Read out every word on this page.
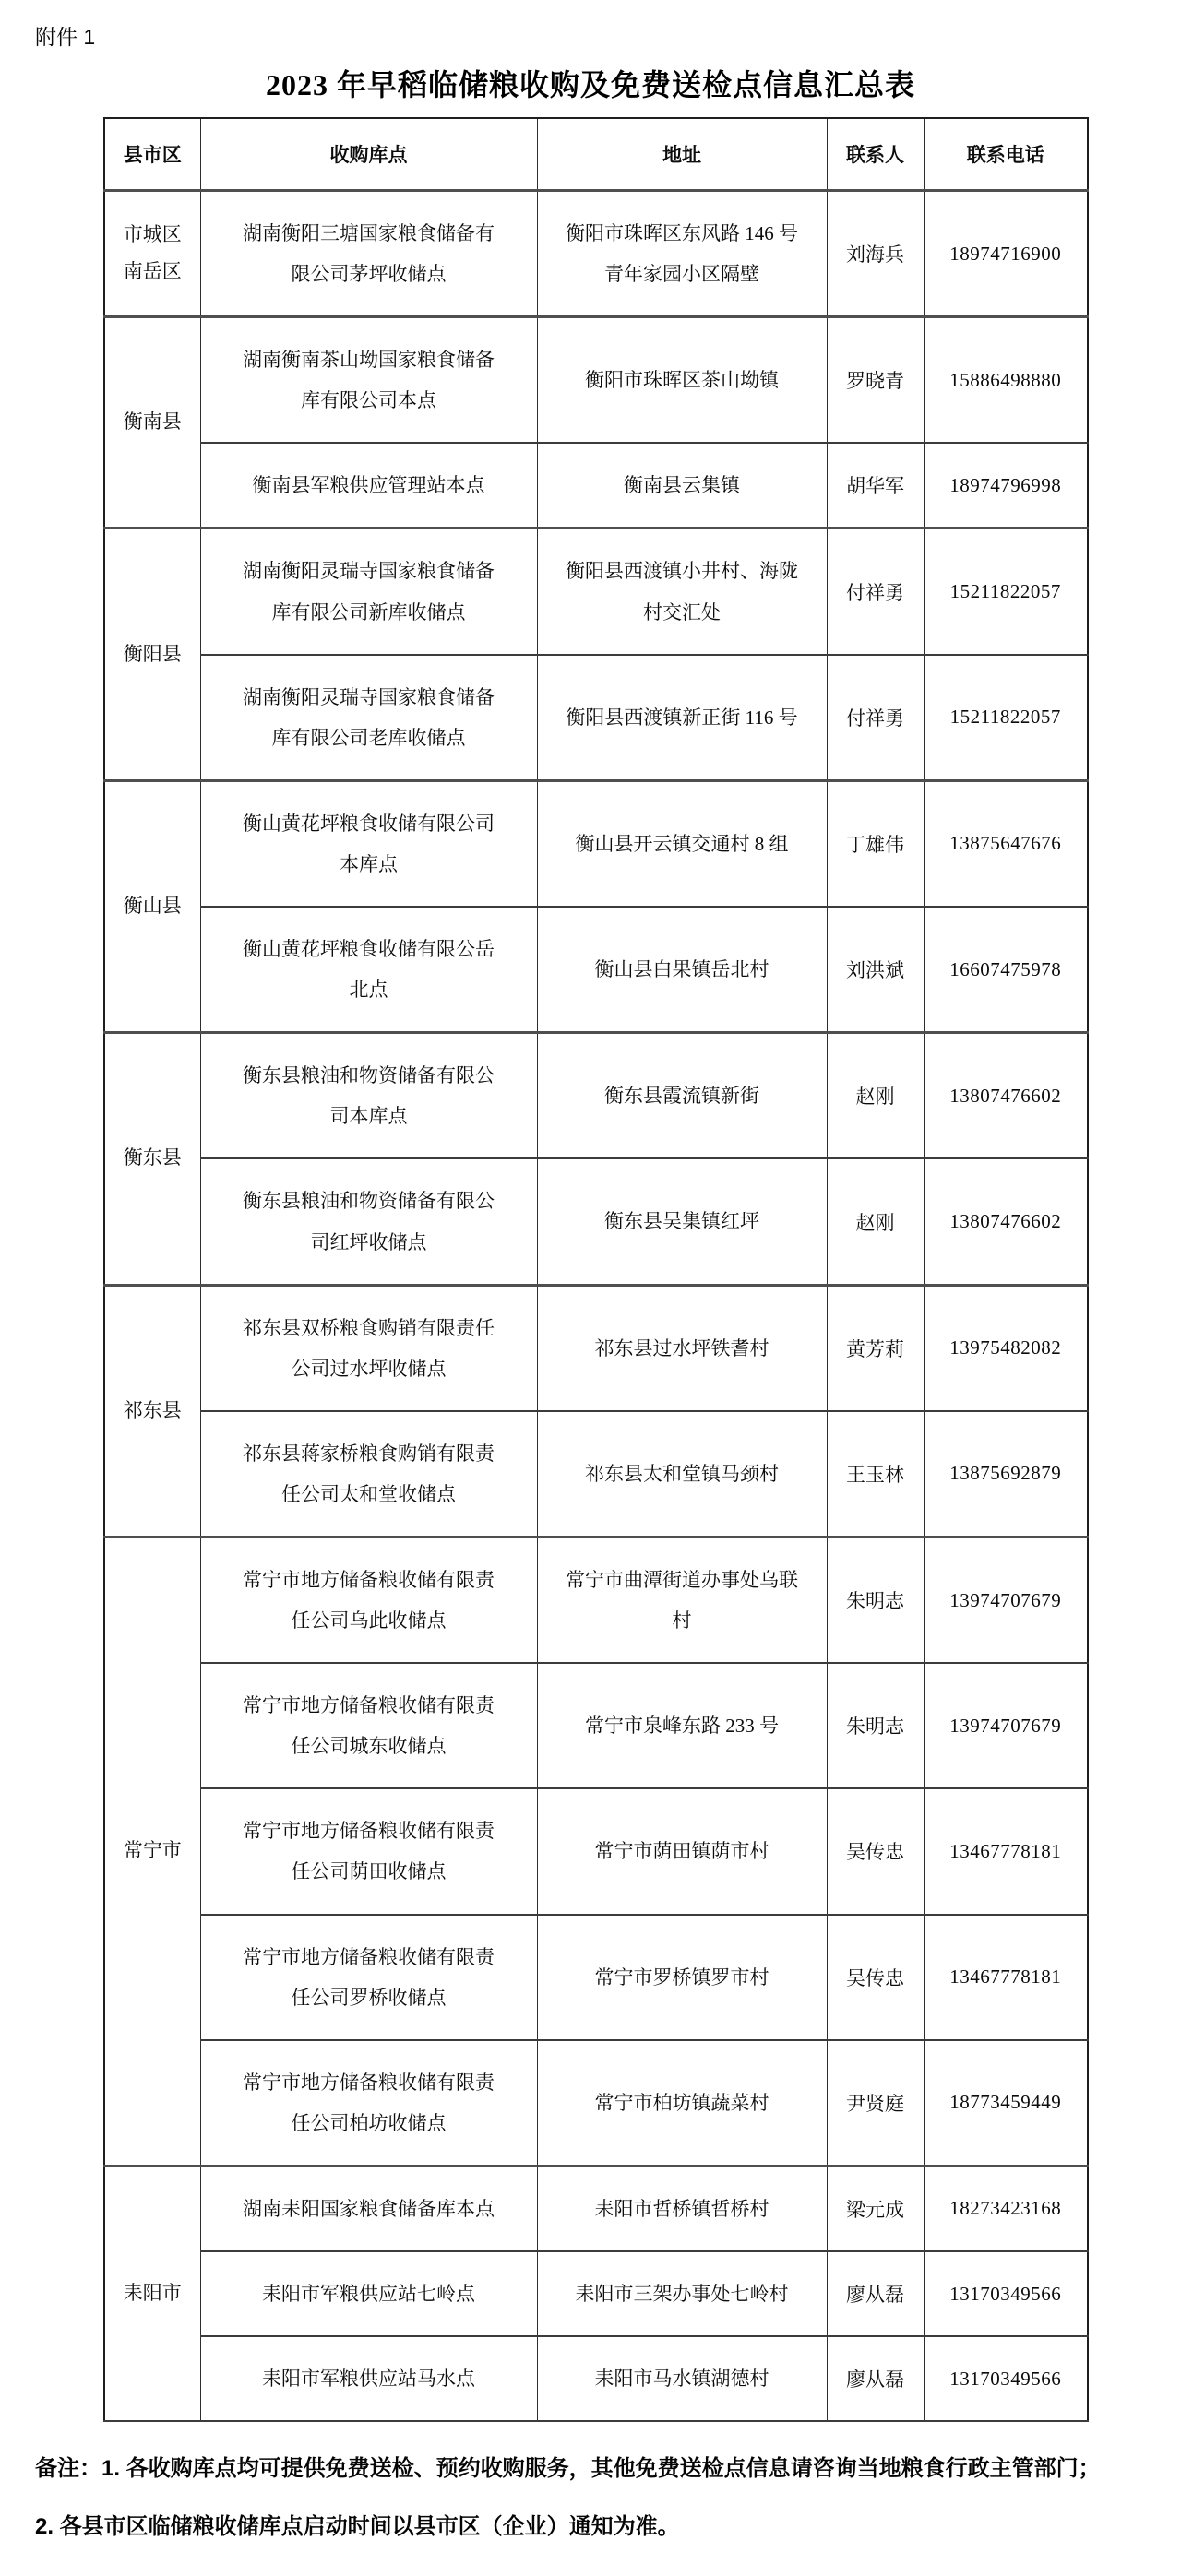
附件 1
2023 年早稻临储粮收购及免费送检点信息汇总表
县市区	收购库点	地址	联系人	联系电话
市城区南岳区	湖南衡阳三塘国家粮食储备有限公司茅坪收储点	衡阳市珠晖区东风路 146 号青年家园小区隔壁	刘海兵	18974716900
衡南县	湖南衡南茶山坳国家粮食储备库有限公司本点	衡阳市珠晖区茶山坳镇	罗晓青	15886498880
	衡南县军粮供应管理站本点	衡南县云集镇	胡华军	18974796998
衡阳县	湖南衡阳灵瑞寺国家粮食储备库有限公司新库收储点	衡阳县西渡镇小井村、海陇村交汇处	付祥勇	15211822057
	湖南衡阳灵瑞寺国家粮食储备库有限公司老库收储点	衡阳县西渡镇新正街 116 号	付祥勇	15211822057
衡山县	衡山黄花坪粮食收储有限公司本库点	衡山县开云镇交通村 8 组	丁雄伟	13875647676
	衡山黄花坪粮食收储有限公岳北点	衡山县白果镇岳北村	刘洪斌	16607475978
衡东县	衡东县粮油和物资储备有限公司本库点	衡东县霞流镇新街	赵刚	13807476602
	衡东县粮油和物资储备有限公司红坪收储点	衡东县吴集镇红坪	赵刚	13807476602
祁东县	祁东县双桥粮食购销有限责任公司过水坪收储点	祁东县过水坪铁耆村	黄芳莉	13975482082
	祁东县蒋家桥粮食购销有限责任公司太和堂收储点	祁东县太和堂镇马颈村	王玉林	13875692879
常宁市	常宁市地方储备粮收储有限责任公司乌此收储点	常宁市曲潭街道办事处乌联村	朱明志	13974707679
	常宁市地方储备粮收储有限责任公司城东收储点	常宁市泉峰东路 233 号	朱明志	13974707679
	常宁市地方储备粮收储有限责任公司荫田收储点	常宁市荫田镇荫市村	吴传忠	13467778181
	常宁市地方储备粮收储有限责任公司罗桥收储点	常宁市罗桥镇罗市村	吴传忠	13467778181
	常宁市地方储备粮收储有限责任公司柏坊收储点	常宁市柏坊镇蔬菜村	尹贤庭	18773459449
耒阳市	湖南耒阳国家粮食储备库本点	耒阳市哲桥镇哲桥村	梁元成	18273423168
	耒阳市军粮供应站七岭点	耒阳市三架办事处七岭村	廖从磊	13170349566
	耒阳市军粮供应站马水点	耒阳市马水镇湖德村	廖从磊	13170349566

备注：1. 各收购库点均可提供免费送检、预约收购服务，其他免费送检点信息请咨询当地粮食行政主管部门；

2. 各县市区临储粮收储库点启动时间以县市区（企业）通知为准。
